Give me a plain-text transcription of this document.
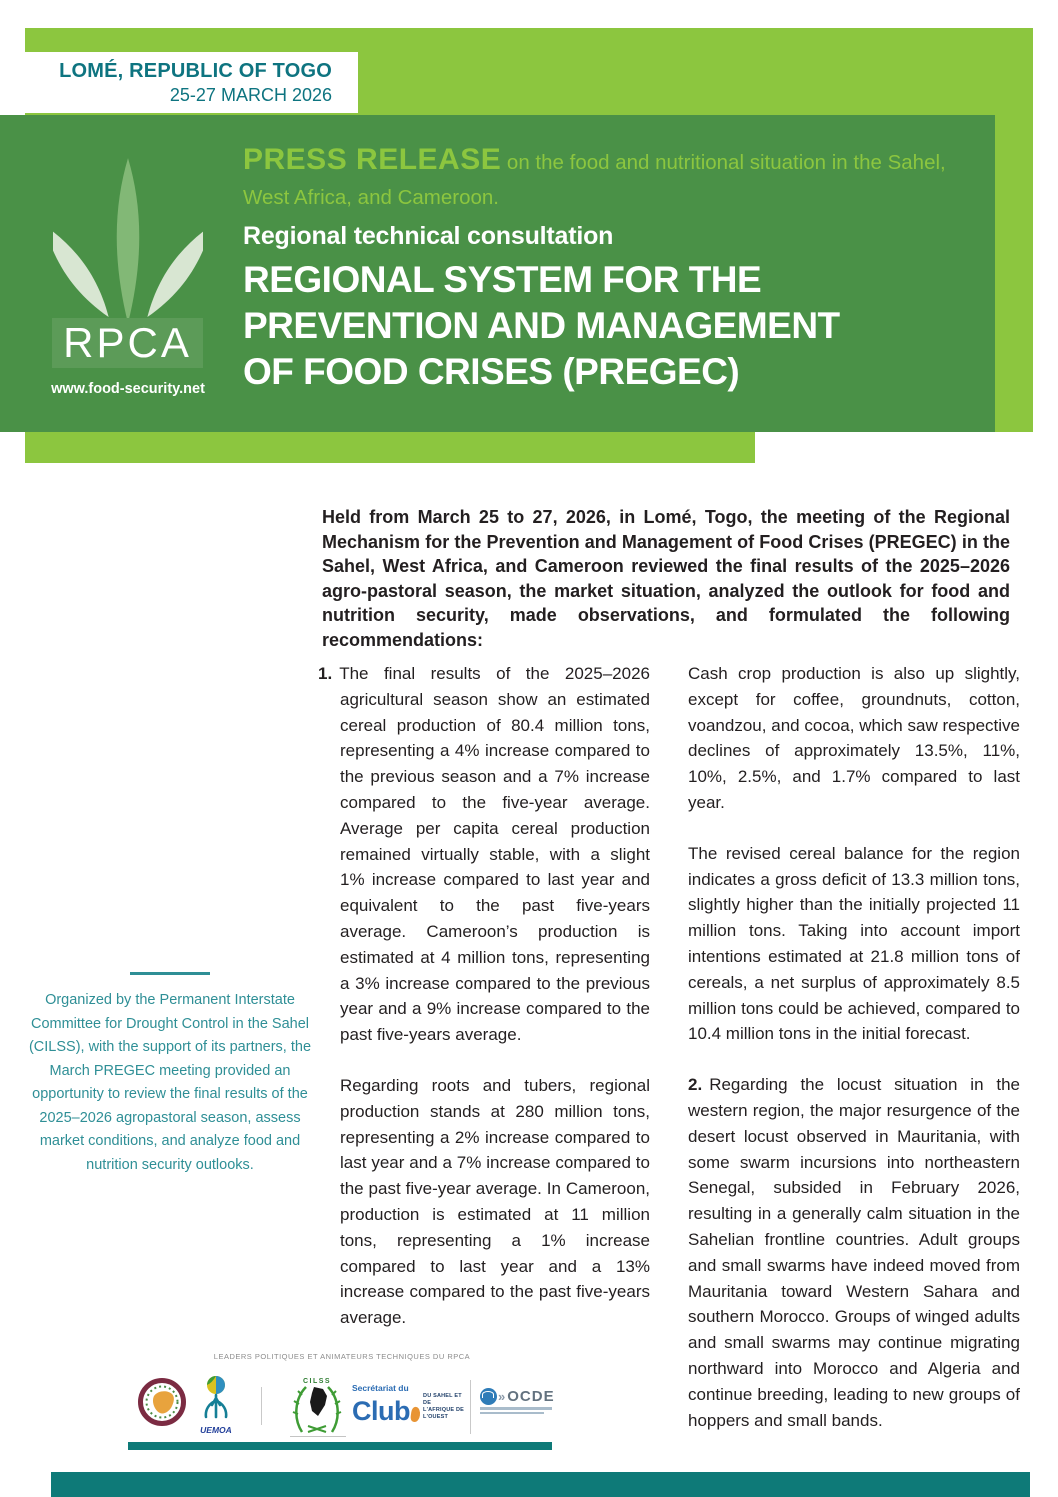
LOMÉ, REPUBLIC OF TOGO
25-27 MARCH 2026
RPCA
www.food-security.net
PRESS RELEASE on the food and nutritional situation in the Sahel,
West Africa, and Cameroon.
Regional technical consultation
REGIONAL SYSTEM FOR THE
PREVENTION AND MANAGEMENT
OF FOOD CRISES (PREGEC)

Held from March 25 to 27, 2026, in Lomé, Togo, the meeting of the Regional Mechanism for the Prevention and Management of Food Crises (PREGEC) in the Sahel, West Africa, and Cameroon reviewed the final results of the 2025–2026 agro-pastoral season, the market situation, analyzed the outlook for food and nutrition security, made observations, and formulated the following recommendations:

1. The final results of the 2025–2026 agricultural season show an estimated cereal production of 80.4 million tons, representing a 4% increase compared to the previous season and a 7% increase compared to the five-year average. Average per capita cereal production remained virtually stable, with a slight 1% increase compared to last year and equivalent to the past five-years average. Cameroon’s production is estimated at 4 million tons, representing a 3% increase compared to the previous year and a 9% increase compared to the past five-years average.

Regarding roots and tubers, regional production stands at 280 million tons, representing a 2% increase compared to last year and a 7% increase compared to the past five-year average. In Cameroon, production is estimated at 11 million tons, representing a 1% increase compared to last year and a 13% increase compared to the past five-years average.

Cash crop production is also up slightly, except for coffee, groundnuts, cotton, voandzou, and cocoa, which saw respective declines of approximately 13.5%, 11%, 10%, 2.5%, and 1.7% compared to last year.

The revised cereal balance for the region indicates a gross deficit of 13.3 million tons, slightly higher than the initially projected 11 million tons. Taking into account import intentions estimated at 21.8 million tons of cereals, a net surplus of approximately 8.5 million tons could be achieved, compared to 10.4 million tons in the initial forecast.

2. Regarding the locust situation in the western region, the major resurgence of the desert locust observed in Mauritania, with some swarm incursions into northeastern Senegal, subsided in February 2026, resulting in a generally calm situation in the Sahelian frontline countries. Adult groups and small swarms have indeed moved from Mauritania toward Western Sahara and southern Morocco. Groups of winged adults and small swarms may continue migrating northward into Morocco and Algeria and continue breeding, leading to new groups of hoppers and small bands.

Organized by the Permanent Interstate Committee for Drought Control in the Sahel (CILSS), with the support of its partners, the March PREGEC meeting provided an opportunity to review the final results of the 2025–2026 agropastoral season, assess market conditions, and analyze food and nutrition security outlooks.
LEADERS POLITIQUES ET ANIMATEURS TECHNIQUES DU RPCA
UEMOA
CILSS
Secrétariat du
Club DU SAHEL ET DE
L'AFRIQUE DE L'OUEST
» OCDE
